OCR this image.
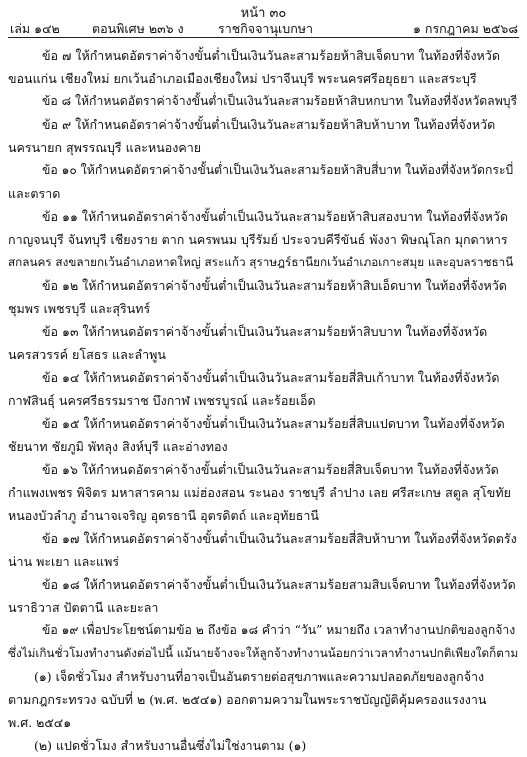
หน้า ๓๐
เล่ม ๑๔๒	ตอนพิเศษ ๒๓๖ ง	ราชกิจจานุเบกษา	๑ กรกฎาคม ๒๕๖๘
ข้อ ๗ ให้กำหนดอัตราค่าจ้างขั้นต่ำเป็นเงินวันละสามร้อยห้าสิบเจ็ดบาท ในท้องที่จังหวัด
ขอนแก่น เชียงใหม่ ยกเว้นอำเภอเมืองเชียงใหม่ ปราจีนบุรี พระนครศรีอยุธยา และสระบุรี
ข้อ ๘ ให้กำหนดอัตราค่าจ้างขั้นต่ำเป็นเงินวันละสามร้อยห้าสิบหกบาท ในท้องที่จังหวัดลพบุรี
ข้อ ๙ ให้กำหนดอัตราค่าจ้างขั้นต่ำเป็นเงินวันละสามร้อยห้าสิบห้าบาท ในท้องที่จังหวัด
นครนายก สุพรรณบุรี และหนองคาย
ข้อ ๑๐ ให้กำหนดอัตราค่าจ้างขั้นต่ำเป็นเงินวันละสามร้อยห้าสิบสี่บาท ในท้องที่จังหวัดกระบี่
และตราด
ข้อ ๑๑ ให้กำหนดอัตราค่าจ้างขั้นต่ำเป็นเงินวันละสามร้อยห้าสิบสองบาท ในท้องที่จังหวัด
กาญจนบุรี จันทบุรี เชียงราย ตาก นครพนม บุรีรัมย์ ประจวบคีรีขันธ์ พังงา พิษณุโลก มุกดาหาร
สกลนคร สงขลายกเว้นอำเภอหาดใหญ่ สระแก้ว สุราษฎร์ธานียกเว้นอำเภอเกาะสมุย และอุบลราชธานี
ข้อ ๑๒ ให้กำหนดอัตราค่าจ้างขั้นต่ำเป็นเงินวันละสามร้อยห้าสิบเอ็ดบาท ในท้องที่จังหวัด
ชุมพร เพชรบุรี และสุรินทร์
ข้อ ๑๓ ให้กำหนดอัตราค่าจ้างขั้นต่ำเป็นเงินวันละสามร้อยห้าสิบบาท ในท้องที่จังหวัด
นครสวรรค์ ยโสธร และลำพูน
ข้อ ๑๔ ให้กำหนดอัตราค่าจ้างขั้นต่ำเป็นเงินวันละสามร้อยสี่สิบเก้าบาท ในท้องที่จังหวัด
กาฬสินธุ์ นครศรีธรรมราช บึงกาฬ เพชรบูรณ์ และร้อยเอ็ด
ข้อ ๑๕ ให้กำหนดอัตราค่าจ้างขั้นต่ำเป็นเงินวันละสามร้อยสี่สิบแปดบาท ในท้องที่จังหวัด
ชัยนาท ชัยภูมิ พัทลุง สิงห์บุรี และอ่างทอง
ข้อ ๑๖ ให้กำหนดอัตราค่าจ้างขั้นต่ำเป็นเงินวันละสามร้อยสี่สิบเจ็ดบาท ในท้องที่จังหวัด
กำแพงเพชร พิจิตร มหาสารคาม แม่ฮ่องสอน ระนอง ราชบุรี ลำปาง เลย ศรีสะเกษ สตูล สุโขทัย
หนองบัวลำภู อำนาจเจริญ อุดรธานี อุตรดิตถ์ และอุทัยธานี
ข้อ ๑๗ ให้กำหนดอัตราค่าจ้างขั้นต่ำเป็นเงินวันละสามร้อยสี่สิบห้าบาท ในท้องที่จังหวัดตรัง
น่าน พะเยา และแพร่
ข้อ ๑๘ ให้กำหนดอัตราค่าจ้างขั้นต่ำเป็นเงินวันละสามร้อยสามสิบเจ็ดบาท ในท้องที่จังหวัด
นราธิวาส ปัตตานี และยะลา
ข้อ ๑๙ เพื่อประโยชน์ตามข้อ ๒ ถึงข้อ ๑๘ คำว่า “วัน” หมายถึง เวลาทำงานปกติของลูกจ้าง
ซึ่งไม่เกินชั่วโมงทำงานดังต่อไปนี้ แม้นายจ้างจะให้ลูกจ้างทำงานน้อยกว่าเวลาทำงานปกติเพียงใดก็ตาม
(๑) เจ็ดชั่วโมง สำหรับงานที่อาจเป็นอันตรายต่อสุขภาพและความปลอดภัยของลูกจ้าง
ตามกฎกระทรวง ฉบับที่ ๒ (พ.ศ. ๒๕๔๑) ออกตามความในพระราชบัญญัติคุ้มครองแรงงาน
พ.ศ. ๒๕๔๑
(๒) แปดชั่วโมง สำหรับงานอื่นซึ่งไม่ใช่งานตาม (๑)
